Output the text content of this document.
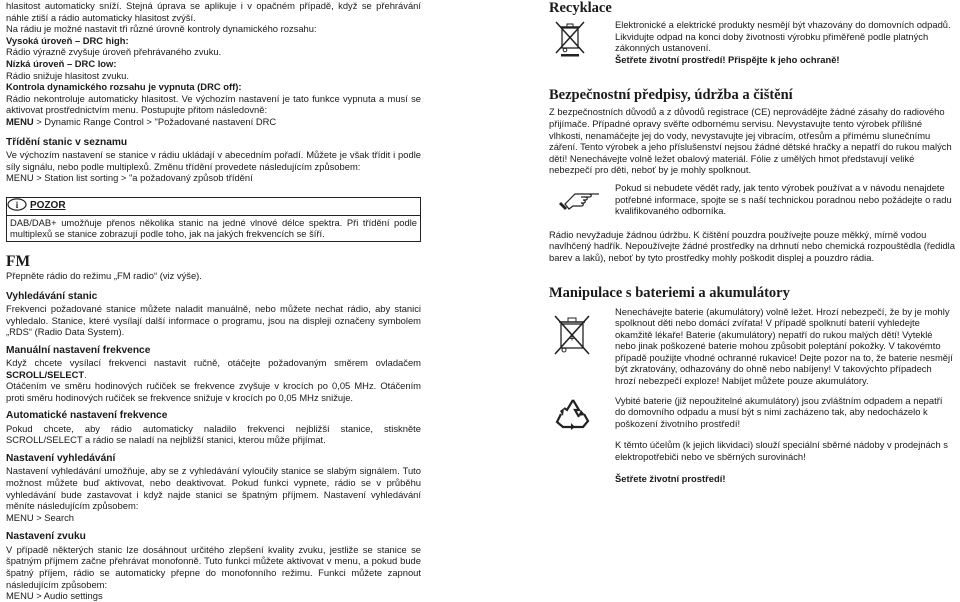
hlasitost automaticky sníží. Stejná úprava se aplikuje i v opačném případě, když se přehrávání náhle ztiší a rádio automaticky hlasitost zvýší.

Na rádiu je možné nastavit tři různé úrovně kontroly dynamického rozsahu:

Vysoká úroveň – DRC high:

Rádio výrazně zvyšuje úroveň přehrávaného zvuku.

Nízká úroveň – DRC low:

Rádio snižuje hlasitost zvuku.

Kontrola dynamického rozsahu je vypnuta (DRC off):

Rádio nekontroluje automaticky hlasitost. Ve výchozím nastavení je tato funkce vypnuta a musí se aktivovat prostřednictvím menu. Postupujte přitom následovně:

MENU > Dynamic Range Control > "Požadované nastavení DRC

Třídění stanic v seznamu

Ve výchozím nastavení se stanice v rádiu ukládají v abecedním pořadí. Můžete je však třídit i podle síly signálu, nebo podle multiplexů. Změnu třídění provedete následujícím způsobem:

MENU > Station list sorting > "a požadovaný způsob třídění

i POZOR

DAB/DAB+ umožňuje přenos několika stanic na jedné vlnové délce spektra. Při třídění podle multiplexů se stanice zobrazují podle toho, jak na jakých frekvencích se šíří.

FM

Přepněte rádio do režimu „FM radio“ (viz výše).

Vyhledávání stanic

Frekvenci požadované stanice můžete naladit manuálně, nebo můžete nechat rádio, aby stanici vyhledalo. Stanice, které vysílají další informace o programu, jsou na displeji označeny symbolem „RDS“ (Radio Data System).

Manuální nastavení frekvence

Když chcete vysílací frekvenci nastavit ručně, otáčejte požadovaným směrem ovladačem SCROLL/SELECT.

Otáčením ve směru hodinových ručiček se frekvence zvyšuje v krocích po 0,05 MHz. Otáčením proti směru hodinových ručiček se frekvence snižuje v krocích po 0,05 MHz snižuje.

Automatické nastavení frekvence

Pokud chcete, aby rádio automaticky naladilo frekvenci nejbližší stanice, stiskněte SCROLL/SELECT a rádio se naladí na nejbližší stanici, kterou může přijímat.

Nastavení vyhledávání

Nastavení vyhledávání umožňuje, aby se z vyhledávání vyloučily stanice se slabým signálem. Tuto možnost můžete buď aktivovat, nebo deaktivovat. Pokud funkci vypnete, rádio se v průběhu vyhledávání bude zastavovat i když najde stanici se špatným příjmem. Nastavení vyhledávání měníte následujícím způsobem:

MENU > Search

Nastavení zvuku

V případě některých stanic lze dosáhnout určitého zlepšení kvality zvuku, jestliže se stanice se špatným příjmem začne přehrávat monofonně. Tuto funkci můžete aktivovat v menu, a pokud bude špatný příjem, rádio se automaticky přepne do monofonního režimu. Funkci můžete zapnout následujícím způsobem:

MENU > Audio settings

Recyklace

Elektronické a elektrické produkty nesmějí být vhazovány do domovních odpadů. Likvidujte odpad na konci doby životnosti výrobku přiměřeně podle platných zákonných ustanovení.

Šetřete životní prostředí! Přispějte k jeho ochraně!

Bezpečnostní předpisy, údržba a čištění

Z bezpečnostních důvodů a z důvodů registrace (CE) neprovádějte žádné zásahy do radiového přijímače. Případné opravy svěřte odbornému servisu. Nevystavujte tento výrobek přílišné vlhkosti, nenamáčejte jej do vody, nevystavujte jej vibracím, otřesům a přímému slunečnímu záření. Tento výrobek a jeho příslušenství nejsou žádné dětské hračky a nepatří do rukou malých dětí! Nenechávejte volně ležet obalový materiál. Fólie z umělých hmot představují veliké nebezpečí pro děti, neboť by je mohly spolknout.

Pokud si nebudete vědět rady, jak tento výrobek používat a v návodu nenajdete potřebné informace, spojte se s naší technickou poradnou nebo požádejte o radu kvalifikovaného odborníka.

Rádio nevyžaduje žádnou údržbu. K čištění pouzdra používejte pouze měkký, mírně vodou navlhčený hadřík. Nepoužívejte žádné prostředky na drhnutí nebo chemická rozpouštědla (ředidla barev a laků), neboť by tyto prostředky mohly poškodit displej a pouzdro rádia.

Manipulace s bateriemi a akumulátory
+

Nenechávejte baterie (akumulátory) volně ležet. Hrozí nebezpečí, že by je mohly spolknout děti nebo domácí zvířata! V případě spolknutí baterií vyhledejte okamžitě lékaře! Baterie (akumulátory) nepatří do rukou malých dětí! Vyteklé nebo jinak poškozené baterie mohou způsobit poleptání pokožky. V takovémto případě použijte vhodné ochranné rukavice! Dejte pozor na to, že baterie nesmějí být zkratovány, odhazovány do ohně nebo nabíjeny! V takovýchto případech hrozí nebezpečí exploze! Nabíjet můžete pouze akumulátory.

Vybité baterie (již nepoužitelné akumulátory) jsou zvláštním odpadem a nepatří do domovního odpadu a musí být s nimi zacházeno tak, aby nedocházelo k poškození životního prostředí!

K těmto účelům (k jejich likvidaci) slouží speciální sběrné nádoby v prodejnách s elektropotřebiči nebo ve sběrných surovinách!

Šetřete životní prostředí!
